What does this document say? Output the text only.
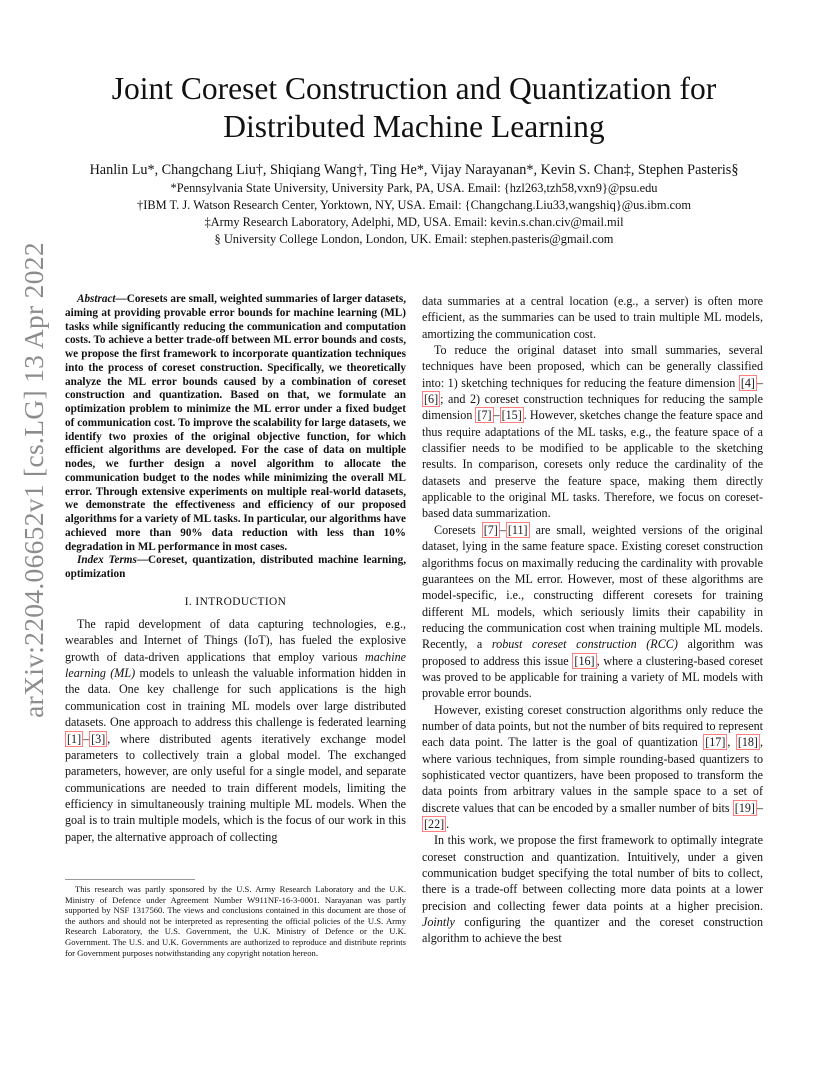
arXiv:2204.06652v1 [cs.LG] 13 Apr 2022
Joint Coreset Construction and Quantization for
Distributed Machine Learning
Hanlin Lu*, Changchang Liu†, Shiqiang Wang†, Ting He*, Vijay Narayanan*, Kevin S. Chan‡, Stephen Pasteris§
*Pennsylvania State University, University Park, PA, USA. Email: {hzl263,tzh58,vxn9}@psu.edu
†IBM T. J. Watson Research Center, Yorktown, NY, USA. Email: {Changchang.Liu33,wangshiq}@us.ibm.com
‡Army Research Laboratory, Adelphi, MD, USA. Email: kevin.s.chan.civ@mail.mil
§ University College London, London, UK. Email: stephen.pasteris@gmail.com

Abstract—Coresets are small, weighted summaries of larger datasets, aiming at providing provable error bounds for machine learning (ML) tasks while significantly reducing the communication and computation costs. To achieve a better trade-off between ML error bounds and costs, we propose the first framework to incorporate quantization techniques into the process of coreset construction. Specifically, we theoretically analyze the ML error bounds caused by a combination of coreset construction and quantization. Based on that, we formulate an optimization problem to minimize the ML error under a fixed budget of communication cost. To improve the scalability for large datasets, we identify two proxies of the original objective function, for which efficient algorithms are developed. For the case of data on multiple nodes, we further design a novel algorithm to allocate the communication budget to the nodes while minimizing the overall ML error. Through extensive experiments on multiple real-world datasets, we demonstrate the effectiveness and efficiency of our proposed algorithms for a variety of ML tasks. In particular, our algorithms have achieved more than 90% data reduction with less than 10% degradation in ML performance in most cases.

Index Terms—Coreset, quantization, distributed machine learning, optimization

I. INTRODUCTION

The rapid development of data capturing technologies, e.g., wearables and Internet of Things (IoT), has fueled the explosive growth of data-driven applications that employ various machine learning (ML) models to unleash the valuable information hidden in the data. One key challenge for such applications is the high communication cost in training ML models over large distributed datasets. One approach to address this challenge is federated learning [1] – [3] , where distributed agents iteratively exchange model parameters to collectively train a global model. The exchanged parameters, however, are only useful for a single model, and separate communications are needed to train different models, limiting the efficiency in simultaneously training multiple ML models. When the goal is to train multiple models, which is the focus of our work in this paper, the alternative approach of collecting

This research was partly sponsored by the U.S. Army Research Laboratory and the U.K. Ministry of Defence under Agreement Number W911NF-16-3-0001. Narayanan was partly supported by NSF 1317560. The views and conclusions contained in this document are those of the authors and should not be interpreted as representing the official policies of the U.S. Army Research Laboratory, the U.S. Government, the U.K. Ministry of Defence or the U.K. Government. The U.S. and U.K. Governments are authorized to reproduce and distribute reprints for Government purposes notwithstanding any copyright notation hereon.

data summaries at a central location (e.g., a server) is often more efficient, as the summaries can be used to train multiple ML models, amortizing the communication cost.

To reduce the original dataset into small summaries, several techniques have been proposed, which can be generally classified into: 1) sketching techniques for reducing the feature dimension [4] –[6] ; and 2) coreset construction techniques for reducing the sample dimension [7] – [15] . However, sketches change the feature space and thus require adaptations of the ML tasks, e.g., the feature space of a classifier needs to be modified to be applicable to the sketching results. In comparison, coresets only reduce the cardinality of the datasets and preserve the feature space, making them directly applicable to the original ML tasks. Therefore, we focus on coreset-based data summarization.

Coresets [7] – [11] are small, weighted versions of the original dataset, lying in the same feature space. Existing coreset construction algorithms focus on maximally reducing the cardinality with provable guarantees on the ML error. However, most of these algorithms are model-specific, i.e., constructing different coresets for training different ML models, which seriously limits their capability in reducing the communication cost when training multiple ML models. Recently, a robust coreset construction (RCC) algorithm was proposed to address this issue [16] , where a clustering-based coreset was proved to be applicable for training a variety of ML models with provable error bounds.

However, existing coreset construction algorithms only reduce the number of data points, but not the number of bits required to represent each data point. The latter is the goal of quantization [17] , [18] , where various techniques, from simple rounding-based quantizers to sophisticated vector quantizers, have been proposed to transform the data points from arbitrary values in the sample space to a set of discrete values that can be encoded by a smaller number of bits [19] –[22] .

In this work, we propose the first framework to optimally integrate coreset construction and quantization. Intuitively, under a given communication budget specifying the total number of bits to collect, there is a trade-off between collecting more data points at a lower precision and collecting fewer data points at a higher precision. Jointly configuring the quantizer and the coreset construction algorithm to achieve the best
